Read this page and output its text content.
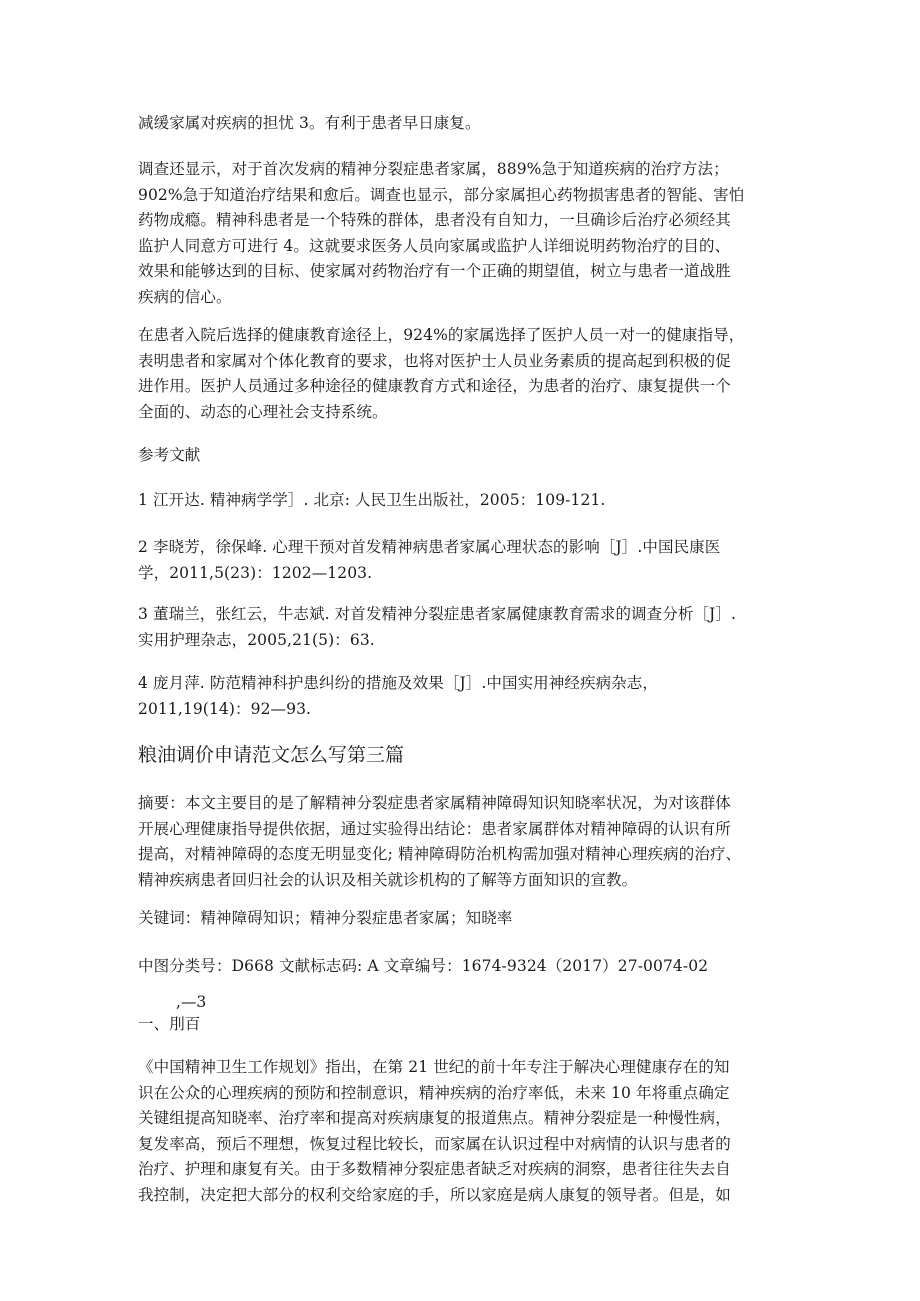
减缓家属对疾病的担忧 3。有利于患者早日康复。

调查还显示，对于首次发病的精神分裂症患者家属，889%急于知道疾病的治疗方法；
902%急于知道治疗结果和愈后。调查也显示，部分家属担心药物损害患者的智能、害怕
药物成瘾。精神科患者是一个特殊的群体，患者没有自知力，一旦确诊后治疗必须经其
监护人同意方可进行 4。这就要求医务人员向家属或监护人详细说明药物治疗的目的、
效果和能够达到的目标、使家属对药物治疗有一个正确的期望值，树立与患者一道战胜
疾病的信心。

在患者入院后选择的健康教育途径上，924%的家属选择了医护人员一对一的健康指导，
表明患者和家属对个体化教育的要求，也将对医护士人员业务素质的提高起到积极的促
进作用。医护人员通过多种途径的健康教育方式和途径，为患者的治疗、康复提供一个
全面的、动态的心理社会支持系统。

参考文献

1 江开达. 精神病学学］. 北京: 人民卫生出版社，2005：109-121.

2 李晓芳，徐保峰. 心理干预对首发精神病患者家属心理状态的影响［J］.中国民康医
学，2011,5(23)：1202—1203.

3 董瑞兰，张红云，牛志斌. 对首发精神分裂症患者家属健康教育需求的调查分析［J］.
实用护理杂志，2005,21(5)：63.

4 庞月萍. 防范精神科护患纠纷的措施及效果［J］.中国实用神经疾病杂志，
2011,19(14)：92—93.

粮油调价申请范文怎么写第三篇

摘要：本文主要目的是了解精神分裂症患者家属精神障碍知识知晓率状况，为对该群体
开展心理健康指导提供依据，通过实验得出结论：患者家属群体对精神障碍的认识有所
提高，对精神障碍的态度无明显变化; 精神障碍防治机构需加强对精神心理疾病的治疗、
精神疾病患者回归社会的认识及相关就诊机构的了解等方面知识的宣教。

关键词：精神障碍知识；精神分裂症患者家属；知晓率

中图分类号：D668 文献标志码: A 文章编号：1674-9324（2017）27-0074-02

,—3

一、刖百

《中国精神卫生工作规划》指出，在第 21 世纪的前十年专注于解决心理健康存在的知
识在公众的心理疾病的预防和控制意识，精神疾病的治疗率低，未来 10 年将重点确定
关键组提高知晓率、治疗率和提高对疾病康复的报道焦点。精神分裂症是一种慢性病，
复发率高，预后不理想，恢复过程比较长，而家属在认识过程中对病情的认识与患者的
治疗、护理和康复有关。由于多数精神分裂症患者缺乏对疾病的洞察，患者往往失去自
我控制，决定把大部分的权利交给家庭的手，所以家庭是病人康复的领导者。但是，如
